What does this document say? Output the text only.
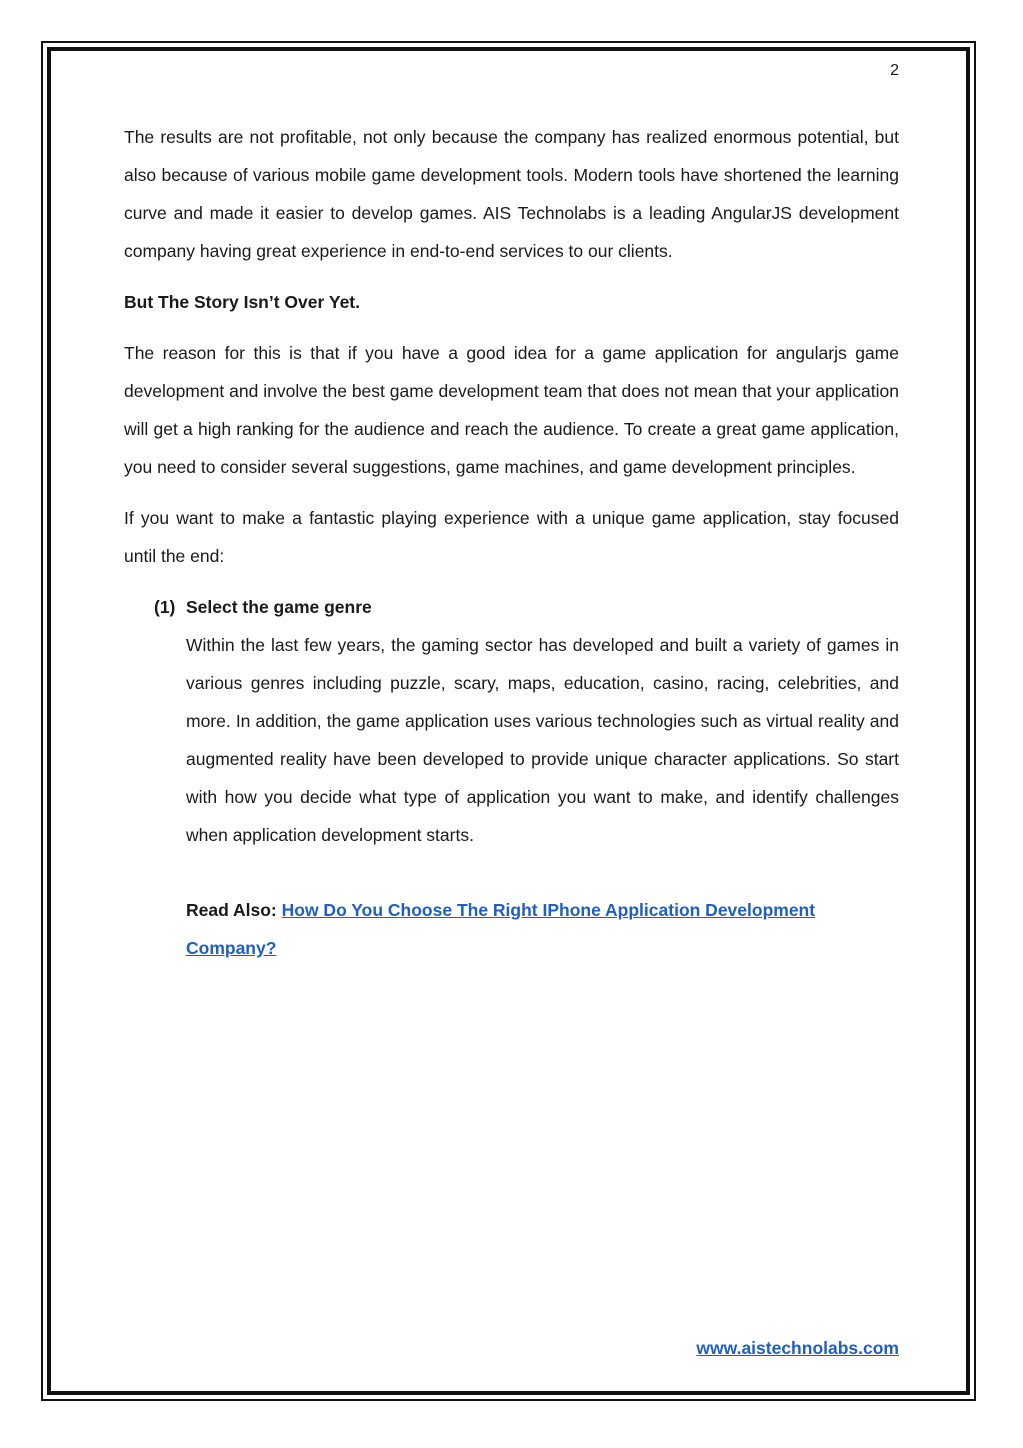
2

The results are not profitable, not only because the company has realized enormous potential, but also because of various mobile game development tools. Modern tools have shortened the learning curve and made it easier to develop games. AIS Technolabs is a leading AngularJS development company having great experience in end-to-end services to our clients.

But The Story Isn’t Over Yet.

The reason for this is that if you have a good idea for a game application for angularjs game development and involve the best game development team that does not mean that your application will get a high ranking for the audience and reach the audience. To create a great game application, you need to consider several suggestions, game machines, and game development principles.

If you want to make a fantastic playing experience with a unique game application, stay focused until the end:

(1) Select the game genre
Within the last few years, the gaming sector has developed and built a variety of games in various genres including puzzle, scary, maps, education, casino, racing, celebrities, and more. In addition, the game application uses various technologies such as virtual reality and augmented reality have been developed to provide unique character applications. So start with how you decide what type of application you want to make, and identify challenges when application development starts.
Read Also: How Do You Choose The Right IPhone Application Development Company?
www.aistechnolabs.com
